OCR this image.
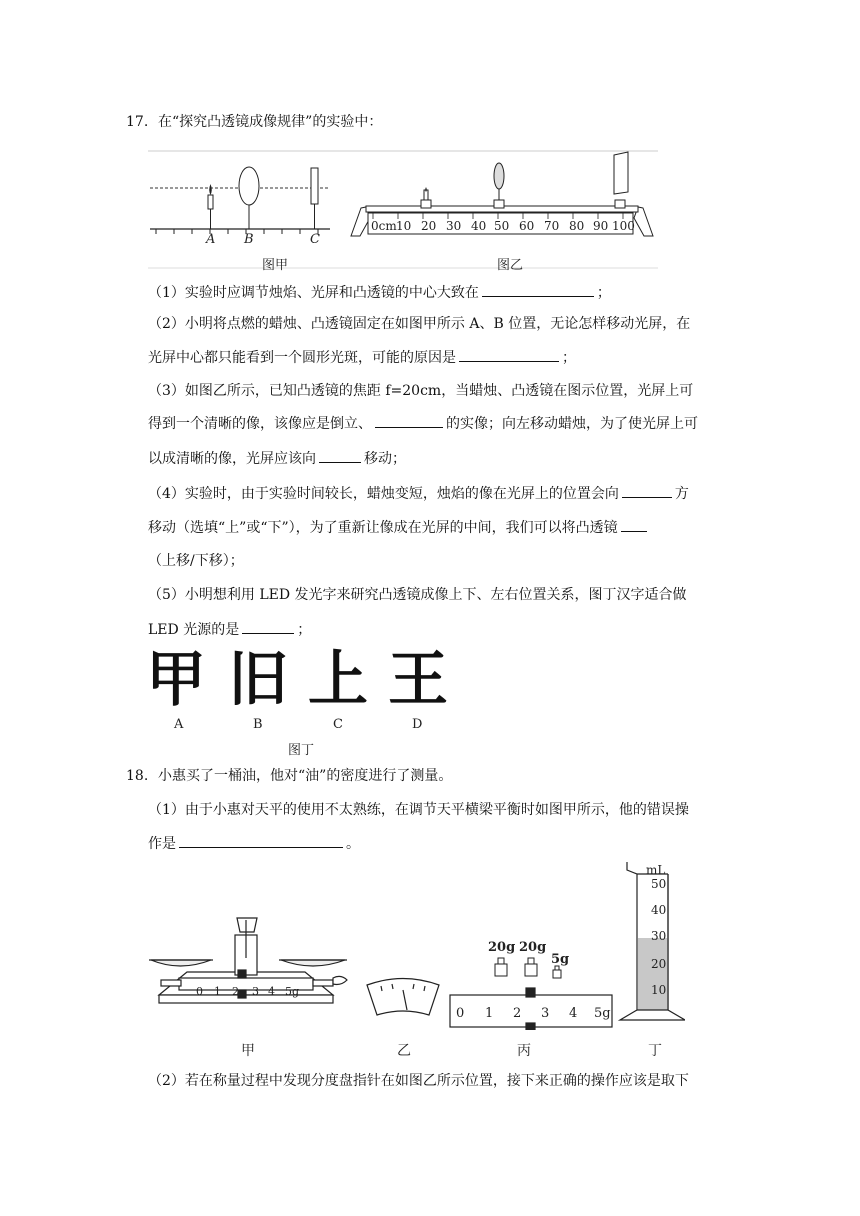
17. 在“探究凸透镜成像规律”的实验中：
A B	C
图甲
0cm 10 20 30 40 50 60 70 80 90 100
图乙
（1）实验时应调节烛焰、光屏和凸透镜的中心大致在	；
（2）小明将点燃的蜡烛、凸透镜固定在如图甲所示 A、B 位置，无论怎样移动光屏，在
光屏中心都只能看到一个圆形光斑，可能的原因是	；
（3）如图乙所示，已知凸透镜的焦距 f=20cm，当蜡烛、凸透镜在图示位置，光屏上可
得到一个清晰的像，该像应是倒立、	的实像；向左移动蜡烛，为了使光屏上可
以成清晰的像，光屏应该向	移动；
（4）实验时，由于实验时间较长，蜡烛变短，烛焰的像在光屏上的位置会向	方
移动（选填“上”或“下”），为了重新让像成在光屏的中间，我们可以将凸透镜
（上移/下移）；
（5）小明想利用 LED 发光字来研究凸透镜成像上下、左右位置关系，图丁汉字适合做
LED 光源的是	；
甲 旧 上 王
A	B	C	D
图丁
18. 小惠买了一桶油，他对“油”的密度进行了测量。
（1）由于小惠对天平的使用不太熟练，在调节天平横梁平衡时如图甲所示，他的错误操
作是	。
0 1 2 3 4 5g
0 1 2 3 4 5g
20g 20g
5g
mL
50
40
30
20
10
甲	乙	丙	丁
（2）若在称量过程中发现分度盘指针在如图乙所示位置，接下来正确的操作应该是取下
